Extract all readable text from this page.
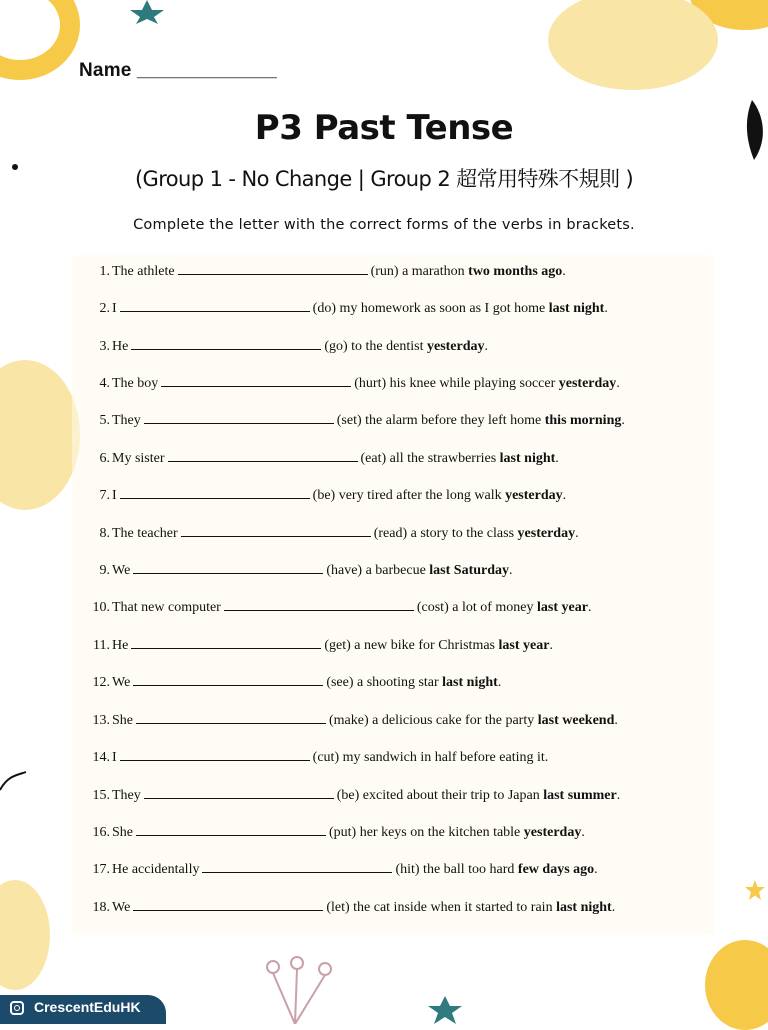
Name _____________
P3 Past Tense
(Group 1 - No Change | Group 2 超常用特殊不規則 )
Complete the letter with the correct forms of the verbs in brackets.
1. The athlete	(run) a marathon two months ago.
2. I	(do) my homework as soon as I got home last night.
3. He	(go) to the dentist yesterday.
4. The boy	(hurt) his knee while playing soccer yesterday.
5. They	(set) the alarm before they left home this morning.
6. My sister	(eat) all the strawberries last night.
7. I	(be) very tired after the long walk yesterday.
8. The teacher	(read) a story to the class yesterday.
9. We	(have) a barbecue last Saturday.
10. That new computer	(cost) a lot of money last year.
11. He	(get) a new bike for Christmas last year.
12. We	(see) a shooting star last night.
13. She	(make) a delicious cake for the party last weekend.
14. I	(cut) my sandwich in half before eating it.
15. They	(be) excited about their trip to Japan last summer.
16. She	(put) her keys on the kitchen table yesterday.
17. He accidentally	(hit) the ball too hard few days ago.
18. We	(let) the cat inside when it started to rain last night.
CrescentEduHK
